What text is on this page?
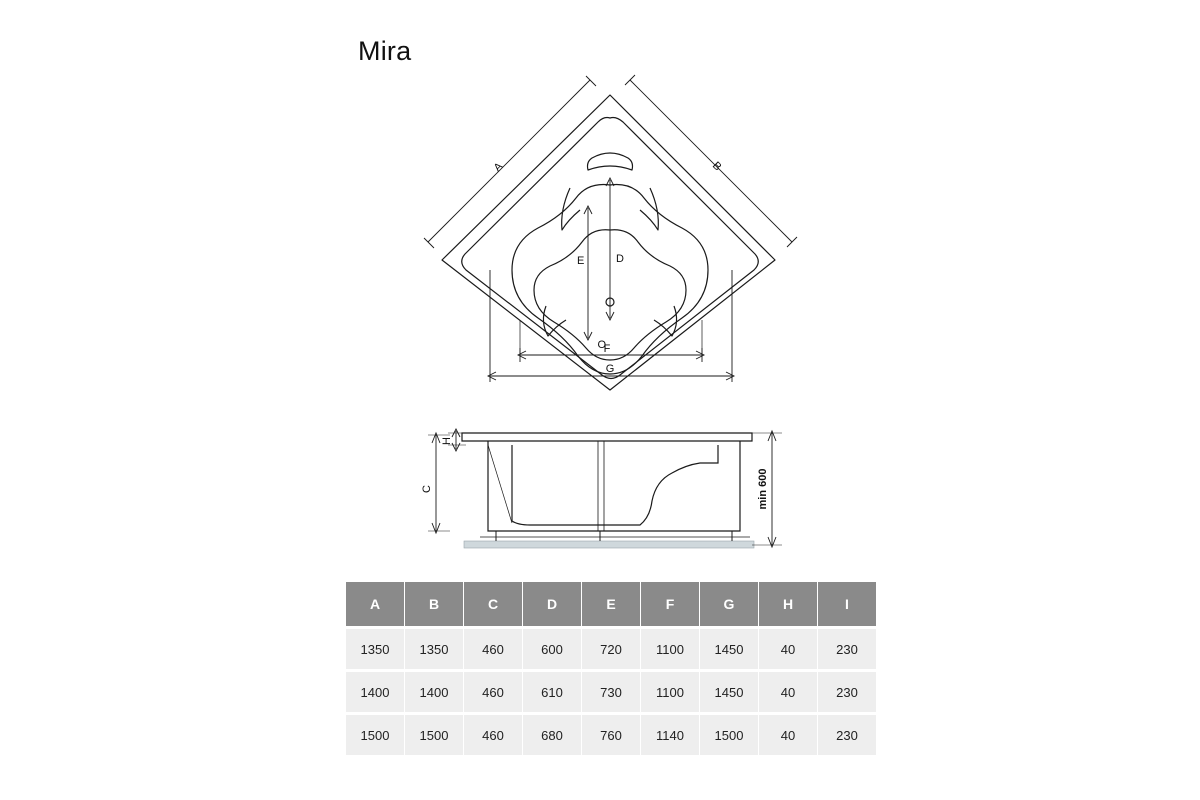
Mira
A	B
D
E
O
F
G
C
H
min 600
A	B	C	D	E	F	G	H	I
1350	1350	460	600	720	1100	1450	40	230
1400	1400	460	610	730	1100	1450	40	230
1500	1500	460	680	760	1140	1500	40	230
